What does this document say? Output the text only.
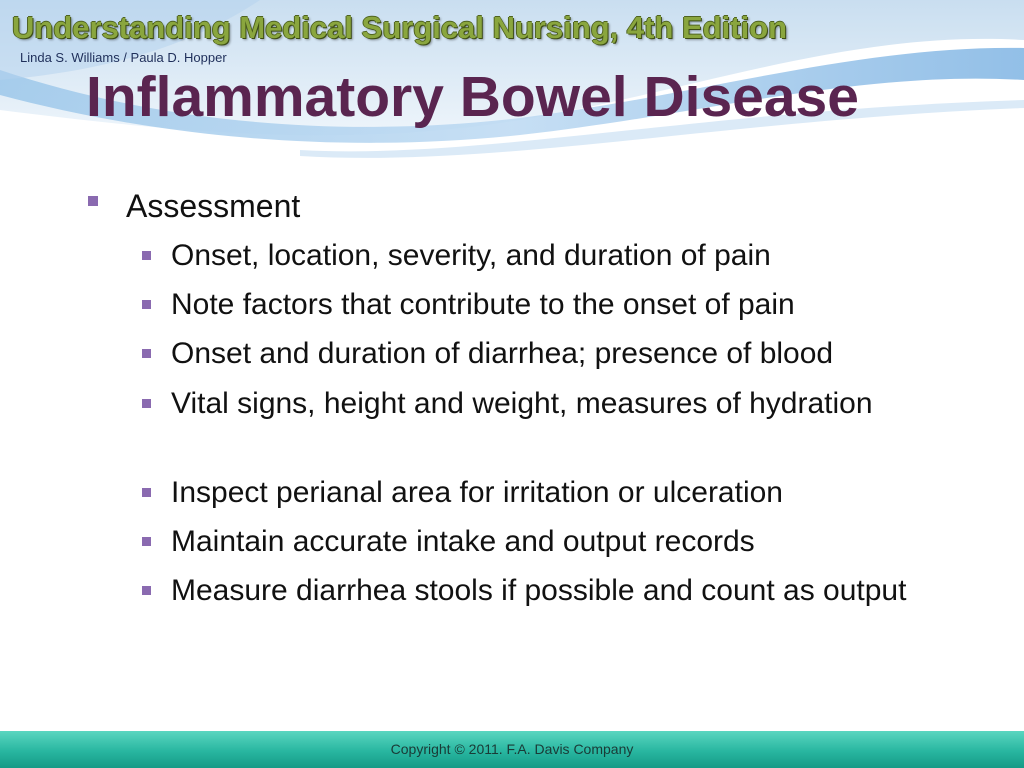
Understanding Medical Surgical Nursing, 4th Edition

Linda S. Williams / Paula D. Hopper

Inflammatory Bowel Disease

Assessment

Onset, location, severity, and duration of pain

Note factors that contribute to the onset of pain

Onset and duration of diarrhea; presence of blood

Vital signs, height and weight, measures of hydration

Inspect perianal area for irritation or ulceration

Maintain accurate intake and output records

Measure diarrhea stools if possible and count as output

Copyright © 2011. F.A. Davis Company
